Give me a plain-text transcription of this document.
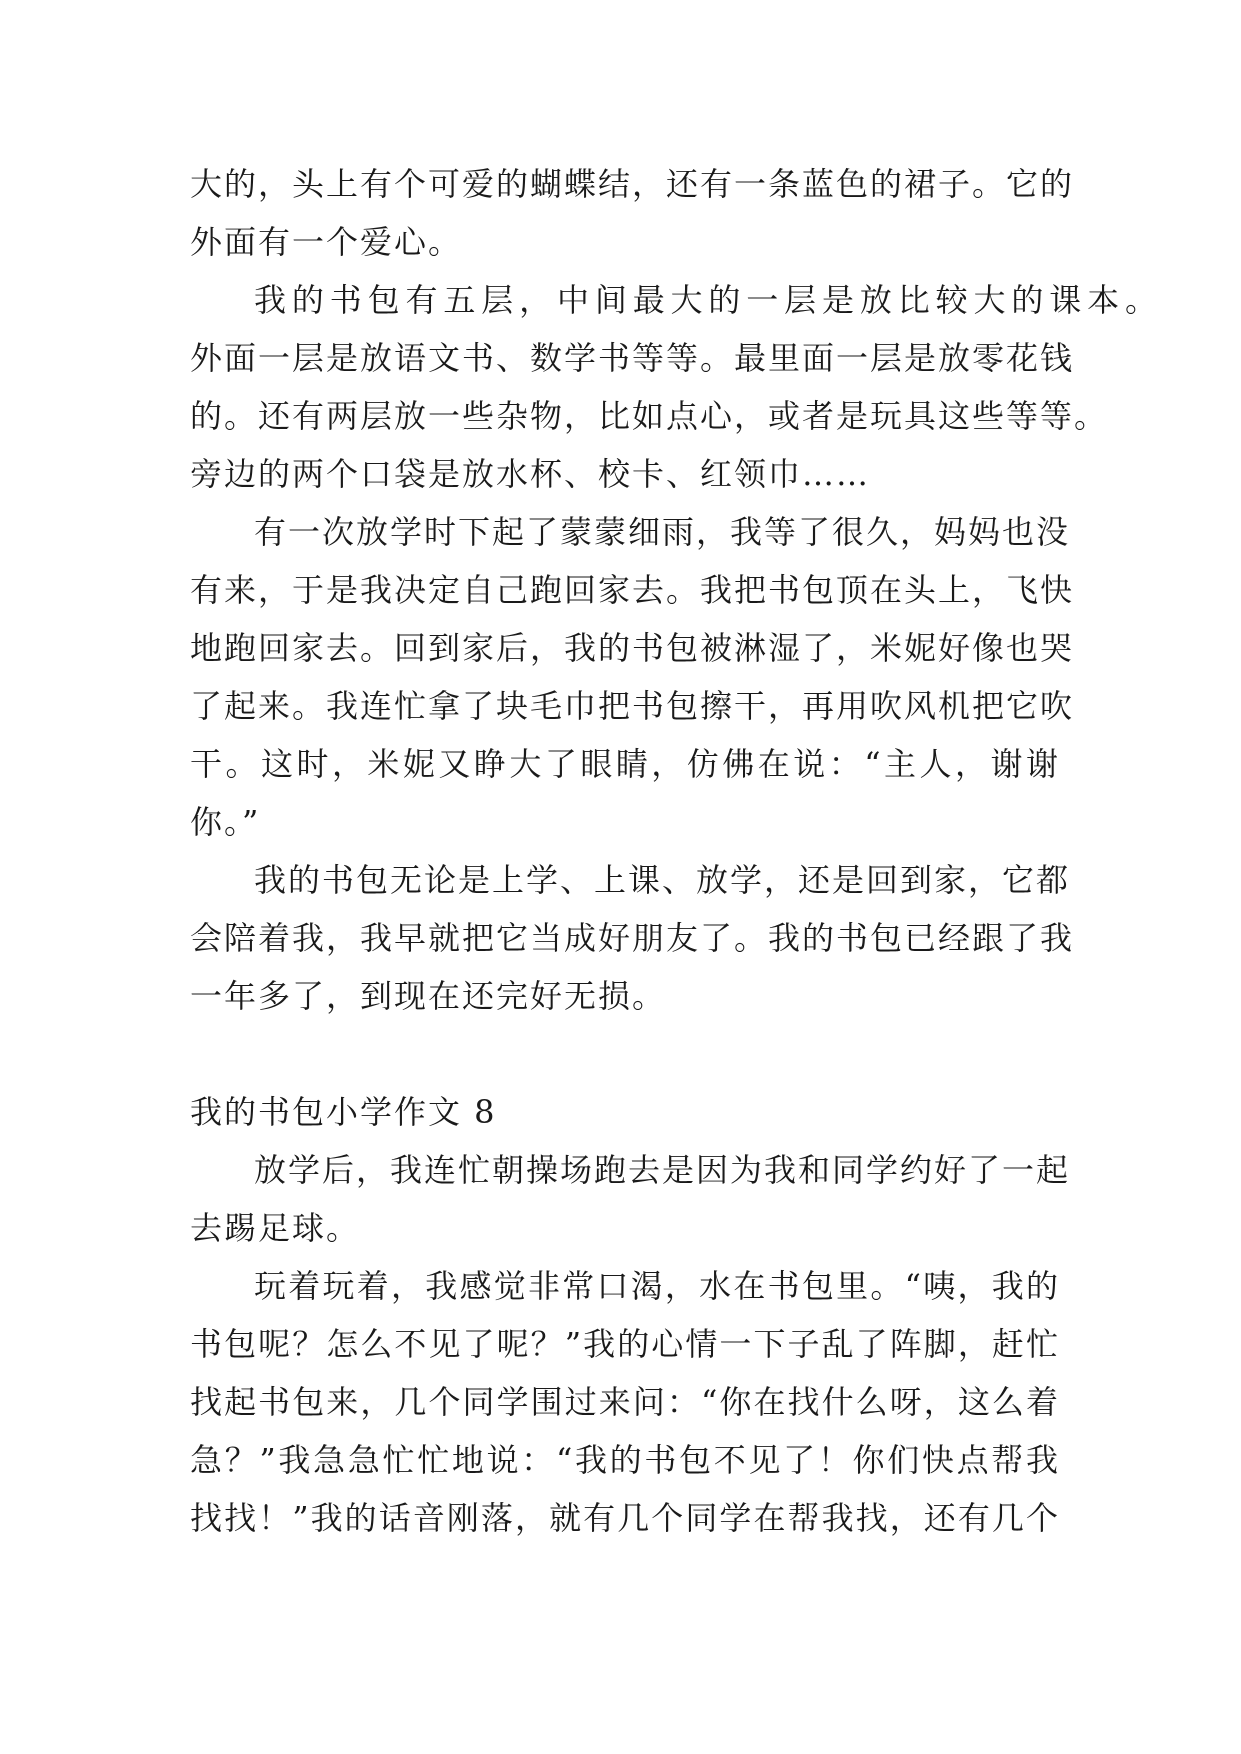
大的，头上有个可爱的蝴蝶结，还有一条蓝色的裙子。它的
外面有一个爱心。
我的书包有五层，中间最大的一层是放比较大的课本。
外面一层是放语文书、数学书等等。最里面一层是放零花钱
的。还有两层放一些杂物，比如点心，或者是玩具这些等等。
旁边的两个口袋是放水杯、校卡、红领巾……
有一次放学时下起了蒙蒙细雨，我等了很久，妈妈也没
有来，于是我决定自己跑回家去。我把书包顶在头上，飞快
地跑回家去。回到家后，我的书包被淋湿了，米妮好像也哭
了起来。我连忙拿了块毛巾把书包擦干，再用吹风机把它吹
干。这时，米妮又睁大了眼睛，仿佛在说：“主人，谢谢
你。”
我的书包无论是上学、上课、放学，还是回到家，它都
会陪着我，我早就把它当成好朋友了。我的书包已经跟了我
一年多了，到现在还完好无损。
我的书包小学作文 8
放学后，我连忙朝操场跑去是因为我和同学约好了一起
去踢足球。
玩着玩着，我感觉非常口渴，水在书包里。“咦，我的
书包呢？怎么不见了呢？”我的心情一下子乱了阵脚，赶忙
找起书包来，几个同学围过来问：“你在找什么呀，这么着
急？”我急急忙忙地说：“我的书包不见了！你们快点帮我
找找！”我的话音刚落，就有几个同学在帮我找，还有几个
